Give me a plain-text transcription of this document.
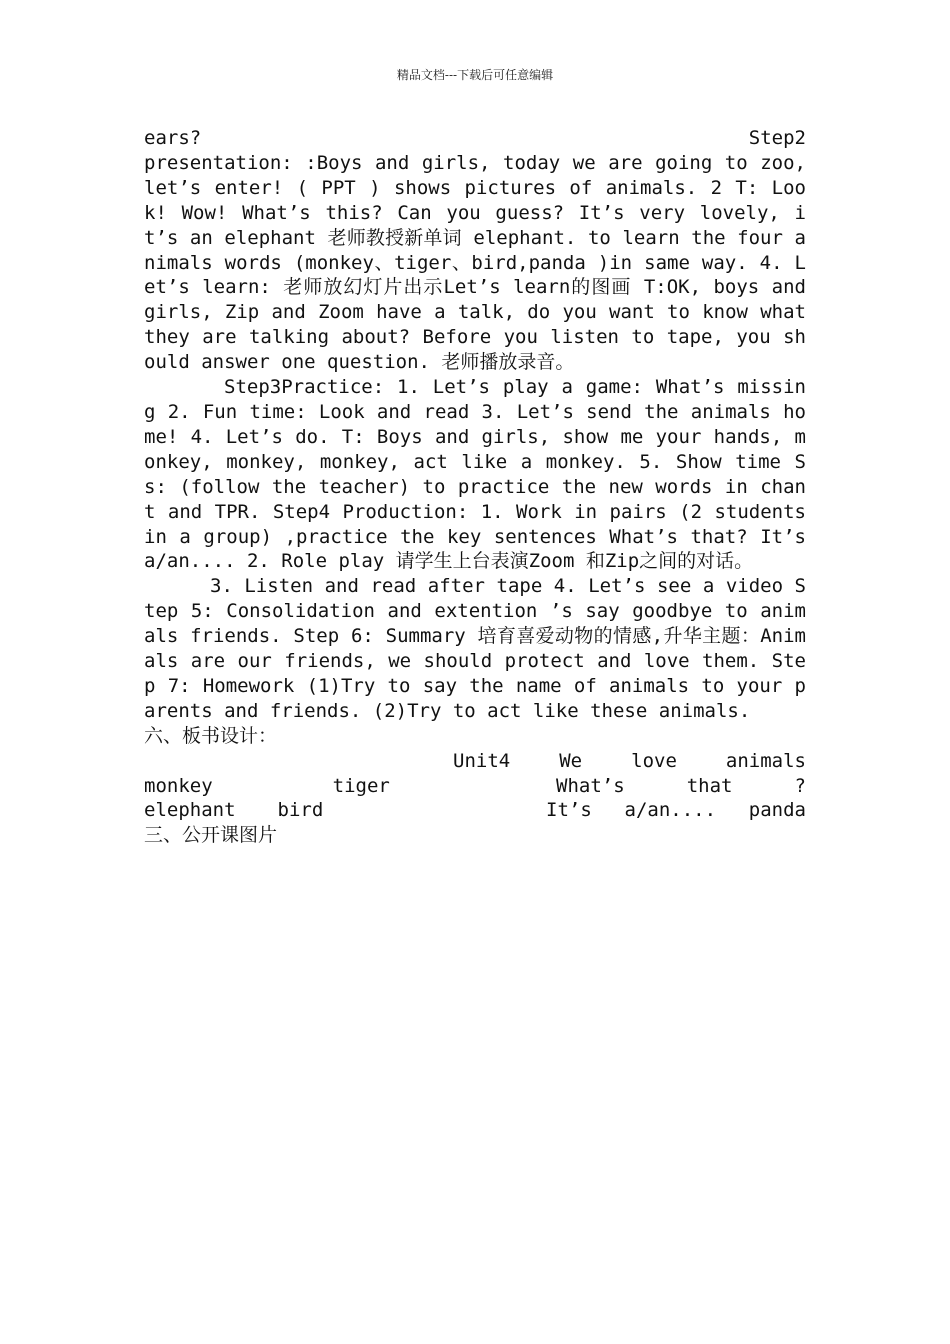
精品文档---下载后可任意编辑
ears?	Step2

presentation: :Boys and girls, today we are going to zoo, let’s enter! ( PPT ) shows pictures of animals. 2 T: Look! Wow! What’s this? Can you guess? It’s very lovely, it’s an elephant 老师教授新单词 elephant. to learn the four animals words (monkey、tiger、bird,panda )in same way. 4. Let’s learn: 老师放幻灯片出示Let’s learn的图画 T:OK, boys and girls, Zip and Zoom have a talk, do you want to know what they are talking about? Before you listen to tape, you should answer one question. 老师播放录音。

Step3Practice: 1. Let’s play a game: What’s missing 2. Fun time: Look and read 3. Let’s send the animals home! 4. Let’s do. T: Boys and girls, show me your hands, monkey, monkey, monkey, act like a monkey. 5. Show time Ss: (follow the teacher) to practice the new words in chant and TPR. Step4 Production: 1. Work in pairs (2 students in a group) ,practice the key sentences What’s that? It’s a/an.... 2. Role play 请学生上台表演Zoom 和Zip之间的对话。

3. Listen and read after tape 4. Let’s see a video Step 5: Consolidation and extention ’s say goodbye to animals friends. Step 6: Summary 培育喜爱动物的情感,升华主题：Animals are our friends, we should protect and love them. Step 7: Homework (1)Try to say the name of animals to your parents and friends. (2)Try to act like these animals.

六、板书设计：

Unit4	We	love	animals
monkey	tiger	What’s	that	?
elephant bird	It’s a/an.... panda

三、公开课图片
